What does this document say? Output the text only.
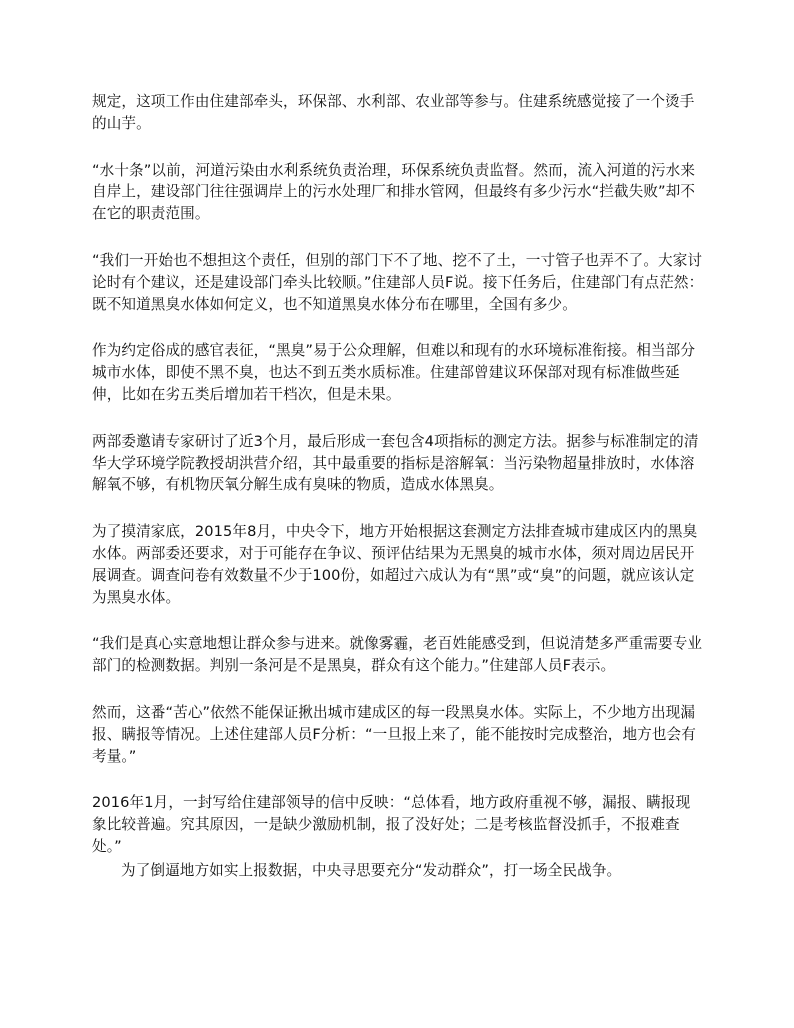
规定，这项工作由住建部牵头，环保部、水利部、农业部等参与。住建系统感觉接了一个烫手的山芋。

“水十条”以前，河道污染由水利系统负责治理，环保系统负责监督。然而，流入河道的污水来自岸上，建设部门往往强调岸上的污水处理厂和排水管网，但最终有多少污水“拦截失败”却不在它的职责范围。

“我们一开始也不想担这个责任，但别的部门下不了地、挖不了土，一寸管子也弄不了。大家讨论时有个建议，还是建设部门牵头比较顺。”住建部人员F说。接下任务后，住建部门有点茫然：既不知道黑臭水体如何定义，也不知道黑臭水体分布在哪里，全国有多少。

作为约定俗成的感官表征，“黑臭”易于公众理解，但难以和现有的水环境标准衔接。相当部分城市水体，即使不黑不臭，也达不到五类水质标准。住建部曾建议环保部对现有标准做些延伸，比如在劣五类后增加若干档次，但是未果。

两部委邀请专家研讨了近3个月，最后形成一套包含4项指标的测定方法。据参与标准制定的清华大学环境学院教授胡洪营介绍，其中最重要的指标是溶解氧：当污染物超量排放时，水体溶解氧不够，有机物厌氧分解生成有臭味的物质，造成水体黑臭。

为了摸清家底，2015年8月，中央令下，地方开始根据这套测定方法排查城市建成区内的黑臭水体。两部委还要求，对于可能存在争议、预评估结果为无黑臭的城市水体，须对周边居民开展调查。调查问卷有效数量不少于100份，如超过六成认为有“黑”或“臭”的问题，就应该认定为黑臭水体。

“我们是真心实意地想让群众参与进来。就像雾霾，老百姓能感受到，但说清楚多严重需要专业部门的检测数据。判别一条河是不是黑臭，群众有这个能力。”住建部人员F表示。

然而，这番“苦心”依然不能保证揪出城市建成区的每一段黑臭水体。实际上，不少地方出现漏报、瞒报等情况。上述住建部人员F分析：“一旦报上来了，能不能按时完成整治，地方也会有考量。”

2016年1月，一封写给住建部领导的信中反映：“总体看，地方政府重视不够，漏报、瞒报现象比较普遍。究其原因，一是缺少激励机制，报了没好处；二是考核监督没抓手，不报难查处。”

为了倒逼地方如实上报数据，中央寻思要充分“发动群众”，打一场全民战争。
